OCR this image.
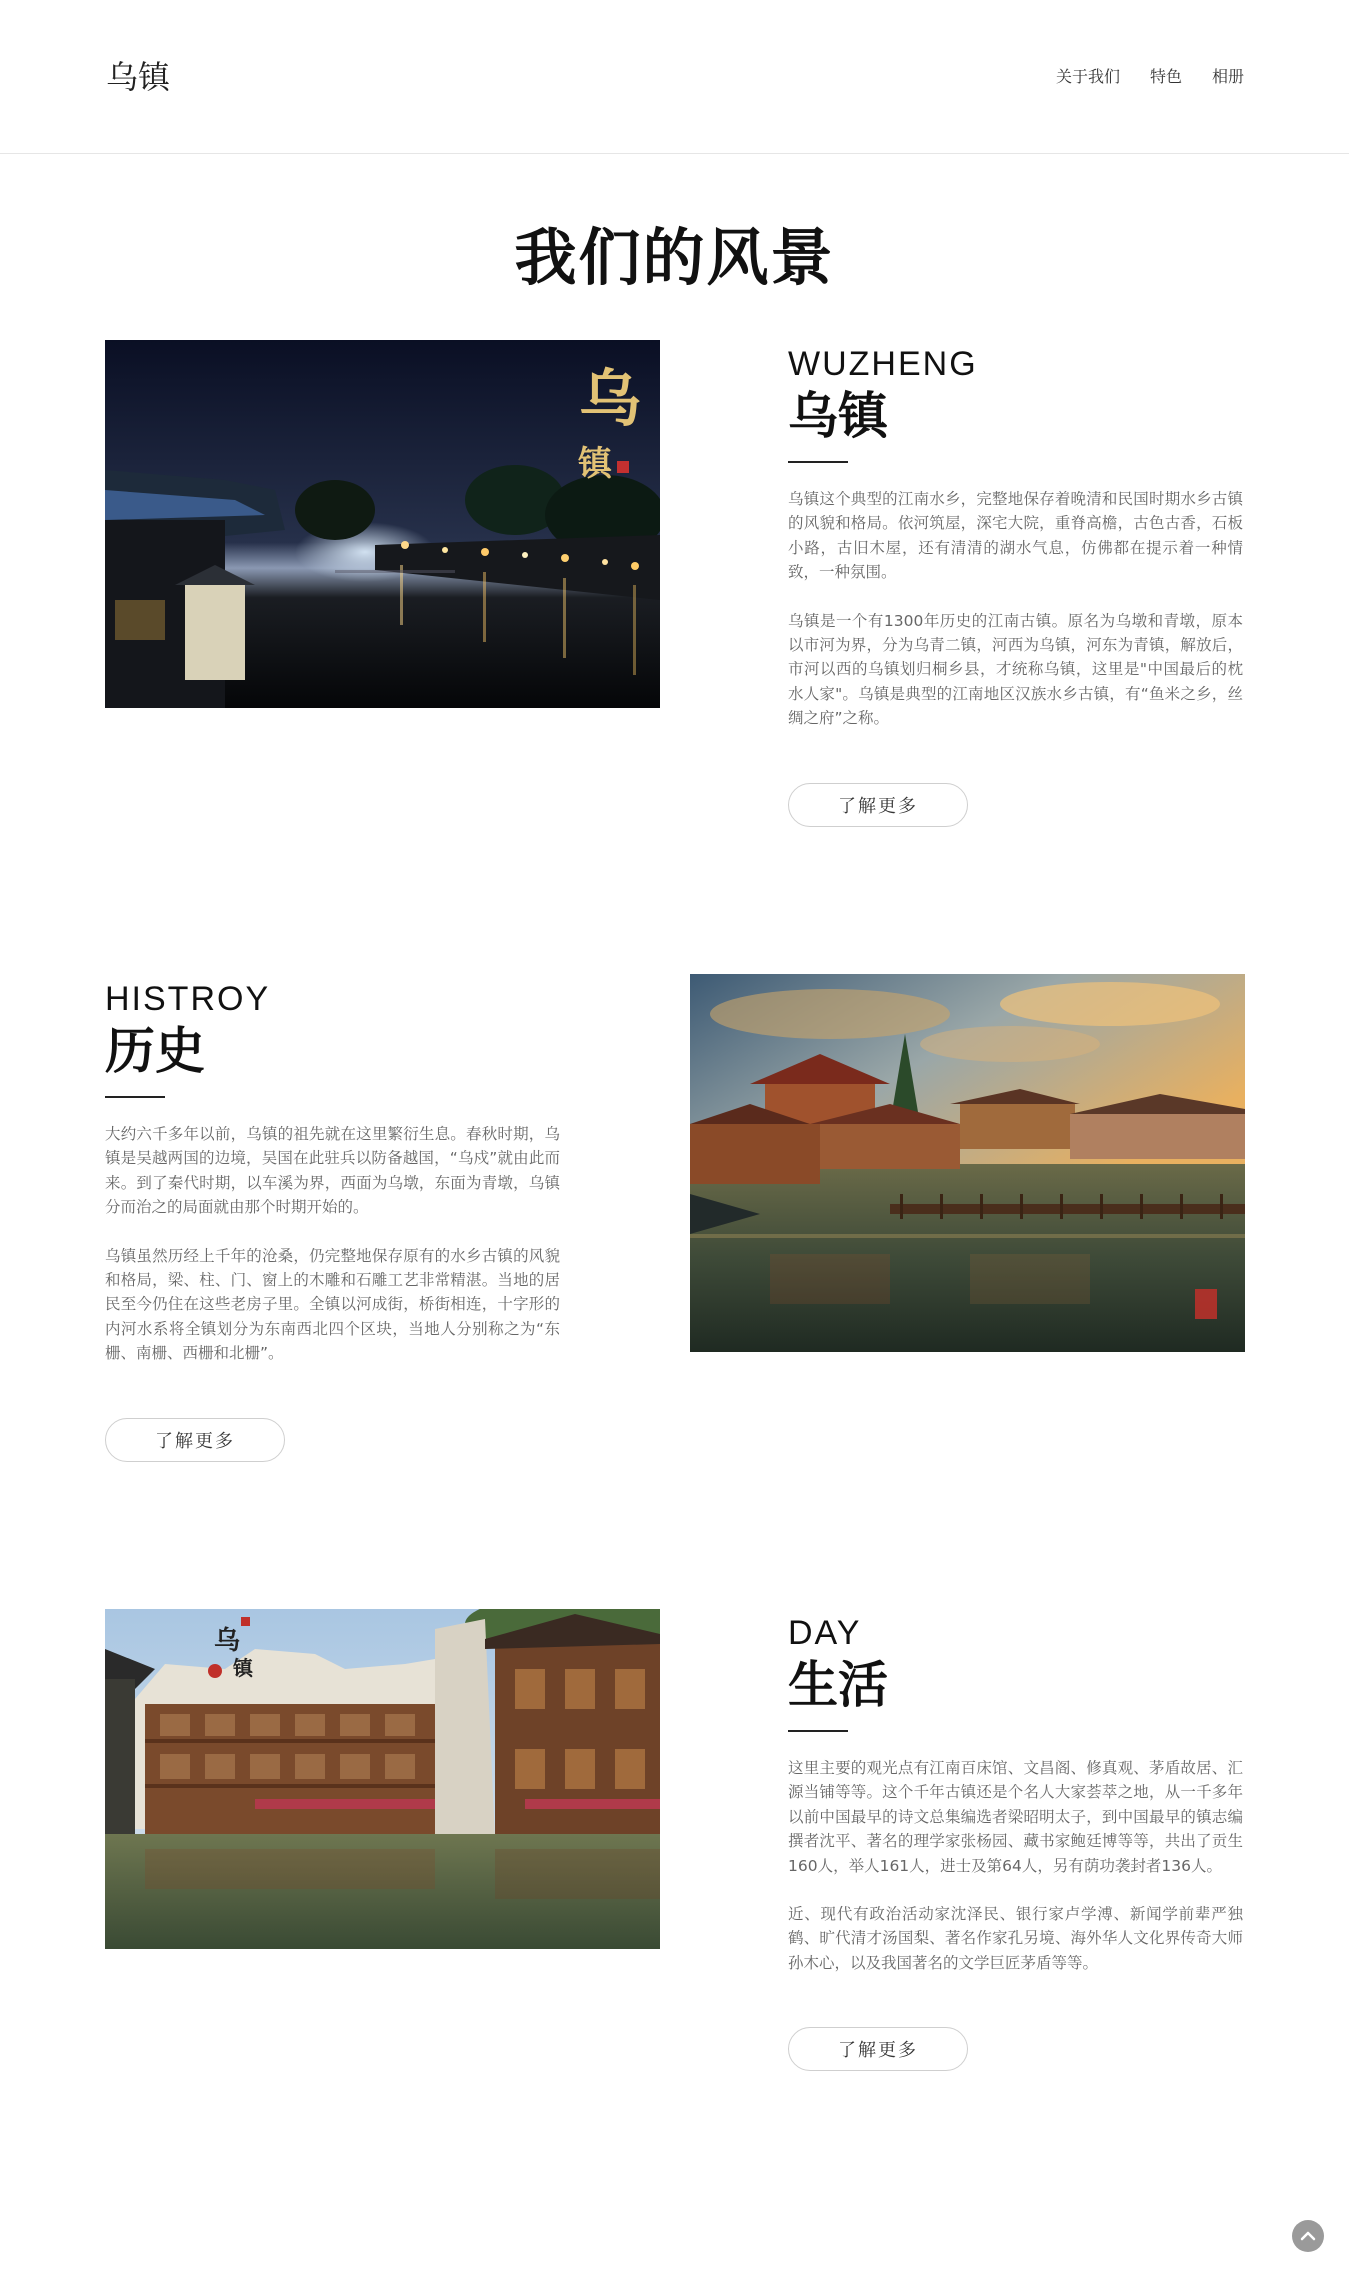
乌镇	关于我们 特色 相册
我们的风景
乌
镇
WUZHENG
乌镇

乌镇这个典型的江南水乡，完整地保存着晚清和民国时期水乡古镇的风貌和格局。依河筑屋，深宅大院，重脊高檐，古色古香，石板小路，古旧木屋，还有清清的湖水气息，仿佛都在提示着一种情致，一种氛围。

乌镇是一个有1300年历史的江南古镇。原名为乌墩和青墩，原本以市河为界，分为乌青二镇，河西为乌镇，河东为青镇，解放后，市河以西的乌镇划归桐乡县，才统称乌镇，这里是"中国最后的枕水人家"。乌镇是典型的江南地区汉族水乡古镇，有“鱼米之乡，丝绸之府”之称。

了解更多
HISTROY
历史

大约六千多年以前，乌镇的祖先就在这里繁衍生息。春秋时期，乌镇是吴越两国的边境，吴国在此驻兵以防备越国，“乌戍”就由此而来。到了秦代时期，以车溪为界，西面为乌墩，东面为青墩，乌镇分而治之的局面就由那个时期开始的。

乌镇虽然历经上千年的沧桑，仍完整地保存原有的水乡古镇的风貌和格局，梁、柱、门、窗上的木雕和石雕工艺非常精湛。当地的居民至今仍住在这些老房子里。全镇以河成街，桥街相连，十字形的内河水系将全镇划分为东南西北四个区块，当地人分别称之为“东栅、南栅、西栅和北栅”。

了解更多
乌
镇
DAY
生活

这里主要的观光点有江南百床馆、文昌阁、修真观、茅盾故居、汇源当铺等等。这个千年古镇还是个名人大家荟萃之地，从一千多年以前中国最早的诗文总集编选者梁昭明太子，到中国最早的镇志编撰者沈平、著名的理学家张杨园、藏书家鲍廷博等等，共出了贡生160人，举人161人，进士及第64人，另有荫功袭封者136人。

近、现代有政治活动家沈泽民、银行家卢学溥、新闻学前辈严独鹤、旷代清才汤国梨、著名作家孔另境、海外华人文化界传奇大师孙木心，以及我国著名的文学巨匠茅盾等等。

了解更多
